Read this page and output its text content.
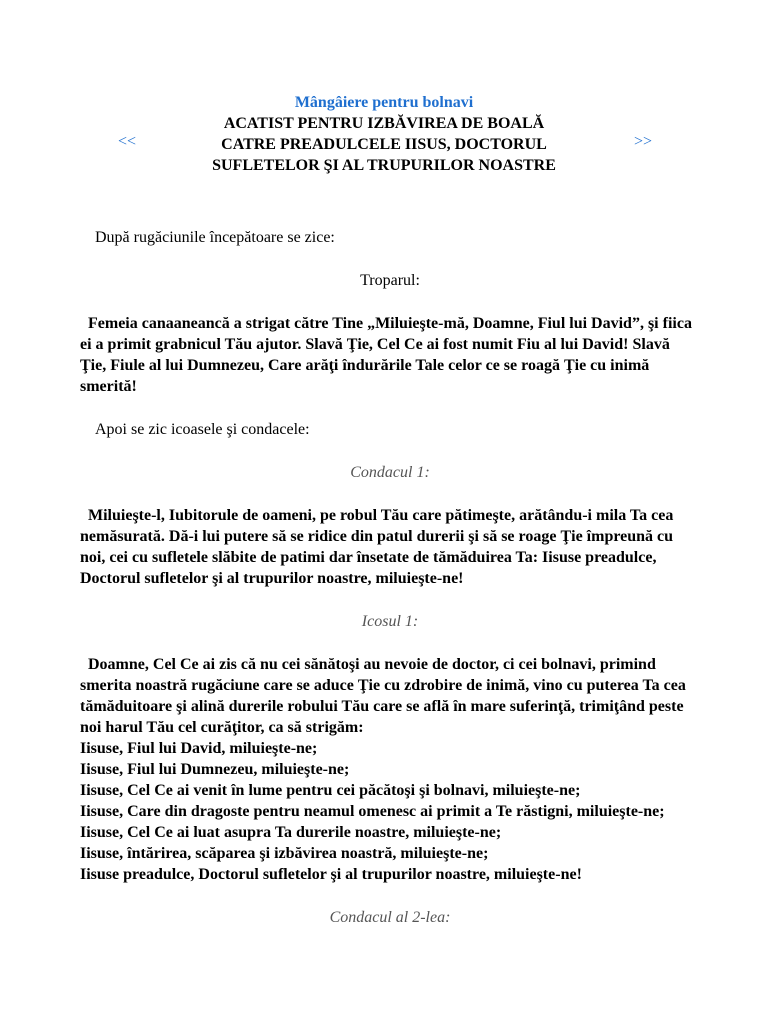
<<	>>
Mângâiere pentru bolnavi
ACATIST PENTRU IZBĂVIREA DE BOALĂ
CATRE PREADULCELE IISUS, DOCTORUL
SUFLETELOR ŞI AL TRUPURILOR NOASTRE

După rugăciunile începătoare se zice:

Troparul:

Femeia canaaneancă a strigat către Tine „Miluieşte-mă, Doamne, Fiul lui David”, şi fiica ei a primit grabnicul Tău ajutor. Slavă Ţie, Cel Ce ai fost numit Fiu al lui David! Slavă Ţie, Fiule al lui Dumnezeu, Care arăţi îndurările Tale celor ce se roagă Ţie cu inimă smerită!

Apoi se zic icoasele şi condacele:

Condacul 1:

Miluieşte-l, Iubitorule de oameni, pe robul Tău care pătimeşte, arătându-i mila Ta cea nemăsurată. Dă-i lui putere să se ridice din patul durerii şi să se roage Ţie împreună cu noi, cei cu sufletele slăbite de patimi dar însetate de tămăduirea Ta: Iisuse preadulce, Doctorul sufletelor şi al trupurilor noastre, miluieşte-ne!

Icosul 1:

Doamne, Cel Ce ai zis că nu cei sănătoşi au nevoie de doctor, ci cei bolnavi, primind smerita noastră rugăciune care se aduce Ţie cu zdrobire de inimă, vino cu puterea Ta cea tămăduitoare şi alină durerile robului Tău care se află în mare suferinţă, trimiţând peste noi harul Tău cel curăţitor, ca să strigăm:

Iisuse, Fiul lui David, miluieşte-ne;

Iisuse, Fiul lui Dumnezeu, miluieşte-ne;

Iisuse, Cel Ce ai venit în lume pentru cei păcătoşi şi bolnavi, miluieşte-ne;

Iisuse, Care din dragoste pentru neamul omenesc ai primit a Te răstigni, miluieşte-ne;

Iisuse, Cel Ce ai luat asupra Ta durerile noastre, miluieşte-ne;

Iisuse, întărirea, scăparea şi izbăvirea noastră, miluieşte-ne;

Iisuse preadulce, Doctorul sufletelor şi al trupurilor noastre, miluieşte-ne!

Condacul al 2-lea:
